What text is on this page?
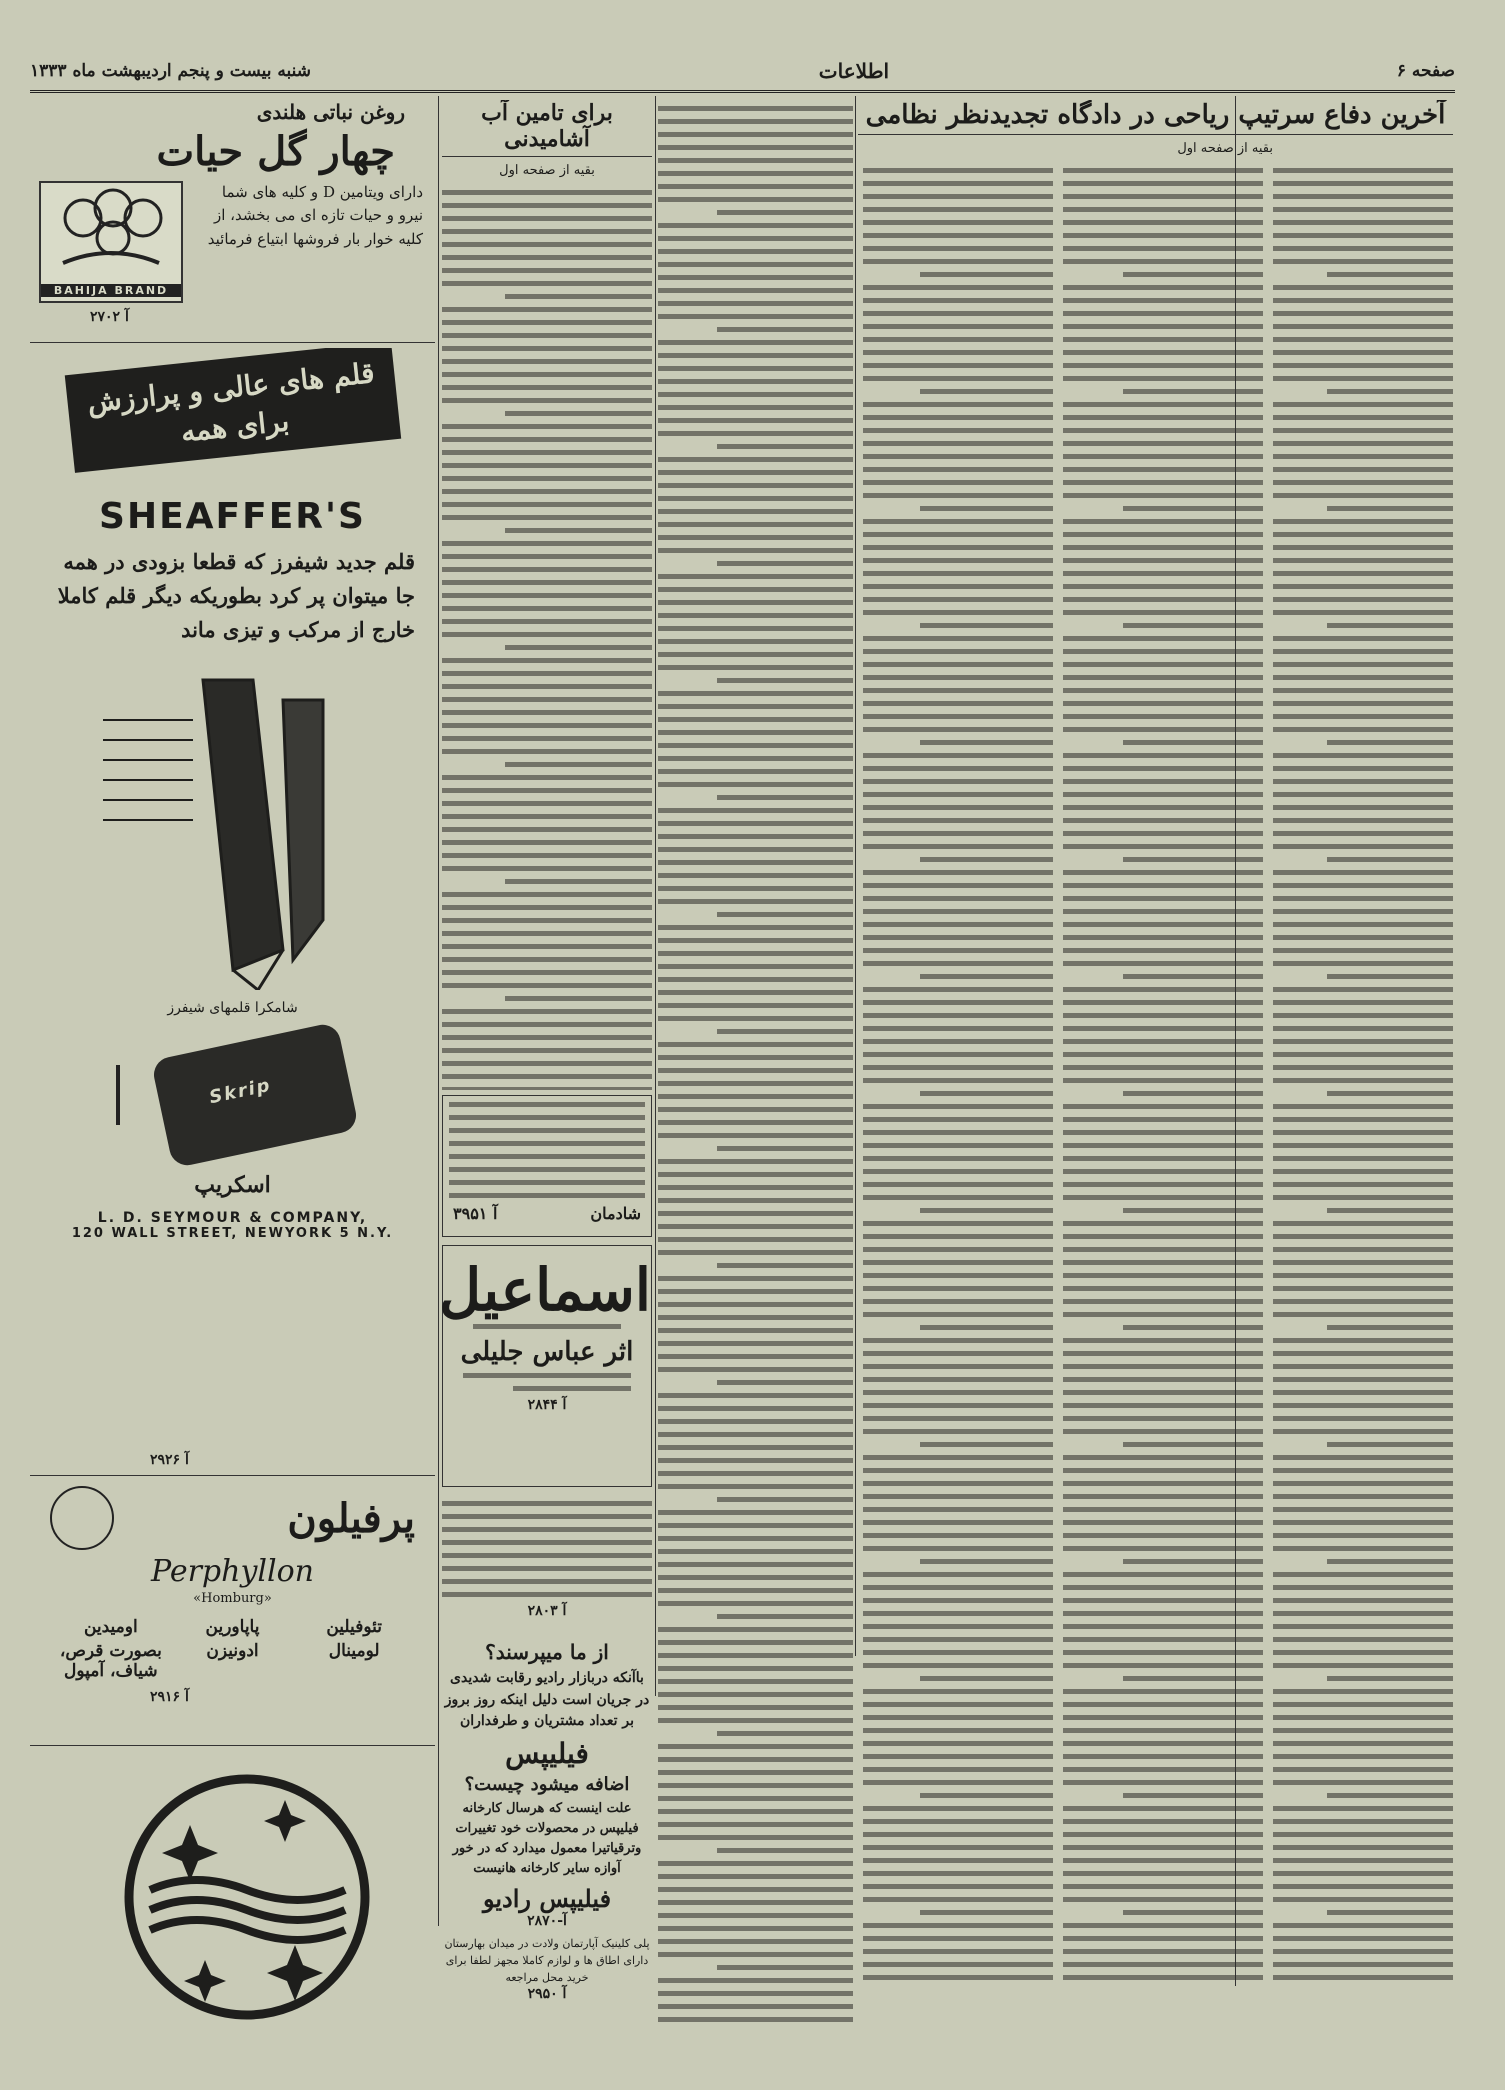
صفحه ۶
اطلاعات
شنبه بیست و پنجم اردیبهشت ماه ۱۳۳۳
روغن نباتی هلندی
چهار گل حیات
دارای ویتامین D و کلیه های شما نیرو و حیات تازه ای می بخشد، از کلیه خوار بار فروشها ابتیاع فرمائید
BAHIJA BRAND
آ ۲۷۰۲
قلم های عالی و پرارزش برای همه
SHEAFFER'S
قلم جدید شیفرز که قطعا بزودی در همه جا میتوان پر کرد بطوریکه دیگر قلم کاملا خارج از مرکب و تیزی ماند
شامکرا قلمهای شیفرز
Skrip
اسکریپ
L. D. SEYMOUR & COMPANY,
120 WALL STREET, NEWYORK 5 N.Y.
آ ۲۹۲۶
پرفیلون
Perphyllon
«Homburg»
تئوفیلین
پاپاورین
اومیدین
لومینال
ادونیزن
بصورت قرص، شیاف، آمپول
آ ۲۹۱۶
برای تامین آب آشامیدنی
بقیه از صفحه اول
شادمان
آ ۳۹۵۱
اسماعیل
اثر عباس جلیلی
آ ۲۸۴۴
آ ۲۸۰۳
آخرین دفاع سرتیپ ریاحی در دادگاه تجدیدنظر نظامی
بقیه از صفحه اول
از ما میپرسند؟
باآنکه دربازار رادیو رقابت شدیدی در جریان است دلیل اینکه روز بروز بر تعداد مشتریان و طرفداران
فیلیپس
اضافه میشود چیست؟
علت اینست که هرسال کارخانه فیلیپس در محصولات خود تغییرات وترقیاتیرا معمول میدارد که در خور آوازه سایر کارخانه هانیست
فیلیپس رادیو
آ-۲۸۷۰
پلی کلینیک آپارتمان ولادت در میدان بهارستان دارای اطاق ها و لوازم کاملا مجهز لطفا برای خرید محل مراجعه
آ ۲۹۵۰
